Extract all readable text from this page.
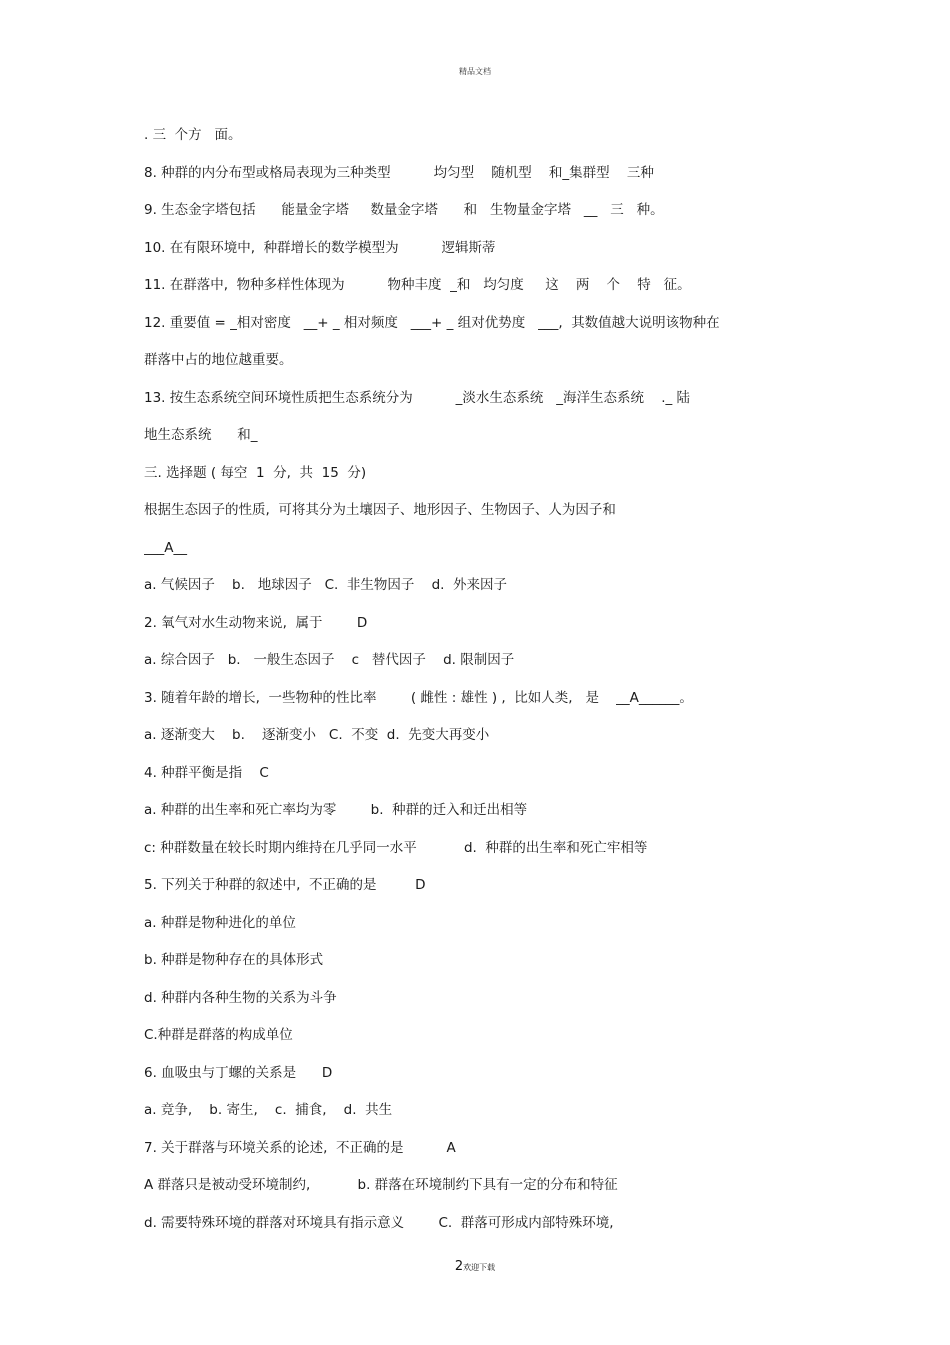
精品文档
. 三  个方   面。
8. 种群的内分布型或格局表现为三种类型          均匀型    随机型    和_集群型    三种
9. 生态金字塔包括      能量金字塔     数量金字塔      和   生物量金字塔   __   三   种。
10. 在有限环境中,  种群增长的数学模型为          逻辑斯蒂
11. 在群落中,  物种多样性体现为          物种丰度  _和   均匀度     这    两    个    特   征。
12. 重要值 = _相对密度   __+ _ 相对频度   ___+ _ 组对优势度   ___,  其数值越大说明该物种在
群落中占的地位越重要。
13. 按生态系统空间环境性质把生态系统分为          _淡水生态系统   _海洋生态系统    ._ 陆
地生态系统      和_
三. 选择题 ( 每空  1  分,  共  15  分)
根据生态因子的性质,  可将其分为土壤因子、地形因子、生物因子、人为因子和
___A__
a. 气候因子    b.   地球因子   C.  非生物因子    d.  外来因子
2. 氧气对水生动物来说,  属于        D
a. 综合因子   b.   一般生态因子    c   替代因子    d. 限制因子
3. 随着年龄的增长,  一些物种的性比率        ( 雌性 : 雄性 ) ,  比如人类,   是    __A______。
a. 逐渐变大    b.    逐渐变小   C.  不变  d.  先变大再变小
4. 种群平衡是指    C
a. 种群的出生率和死亡率均为零        b.  种群的迁入和迁出相等
c: 种群数量在较长时期内维持在几乎同一水平           d.  种群的出生率和死亡牢相等
5. 下列关于种群的叙述中,  不正确的是         D
a. 种群是物种进化的单位
b. 种群是物种存在的具体形式
d. 种群内各种生物的关系为斗争
C.种群是群落的构成单位
6. 血吸虫与丁螺的关系是      D
a. 竞争,    b. 寄生,    c.  捕食,    d.  共生
7. 关于群落与环境关系的论述,  不正确的是          A
A 群落只是被动受环境制约,           b. 群落在环境制约下具有一定的分布和特征
d. 需要特殊环境的群落对环境具有指示意义        C.  群落可形成内部特殊环境,
2欢迎下载
